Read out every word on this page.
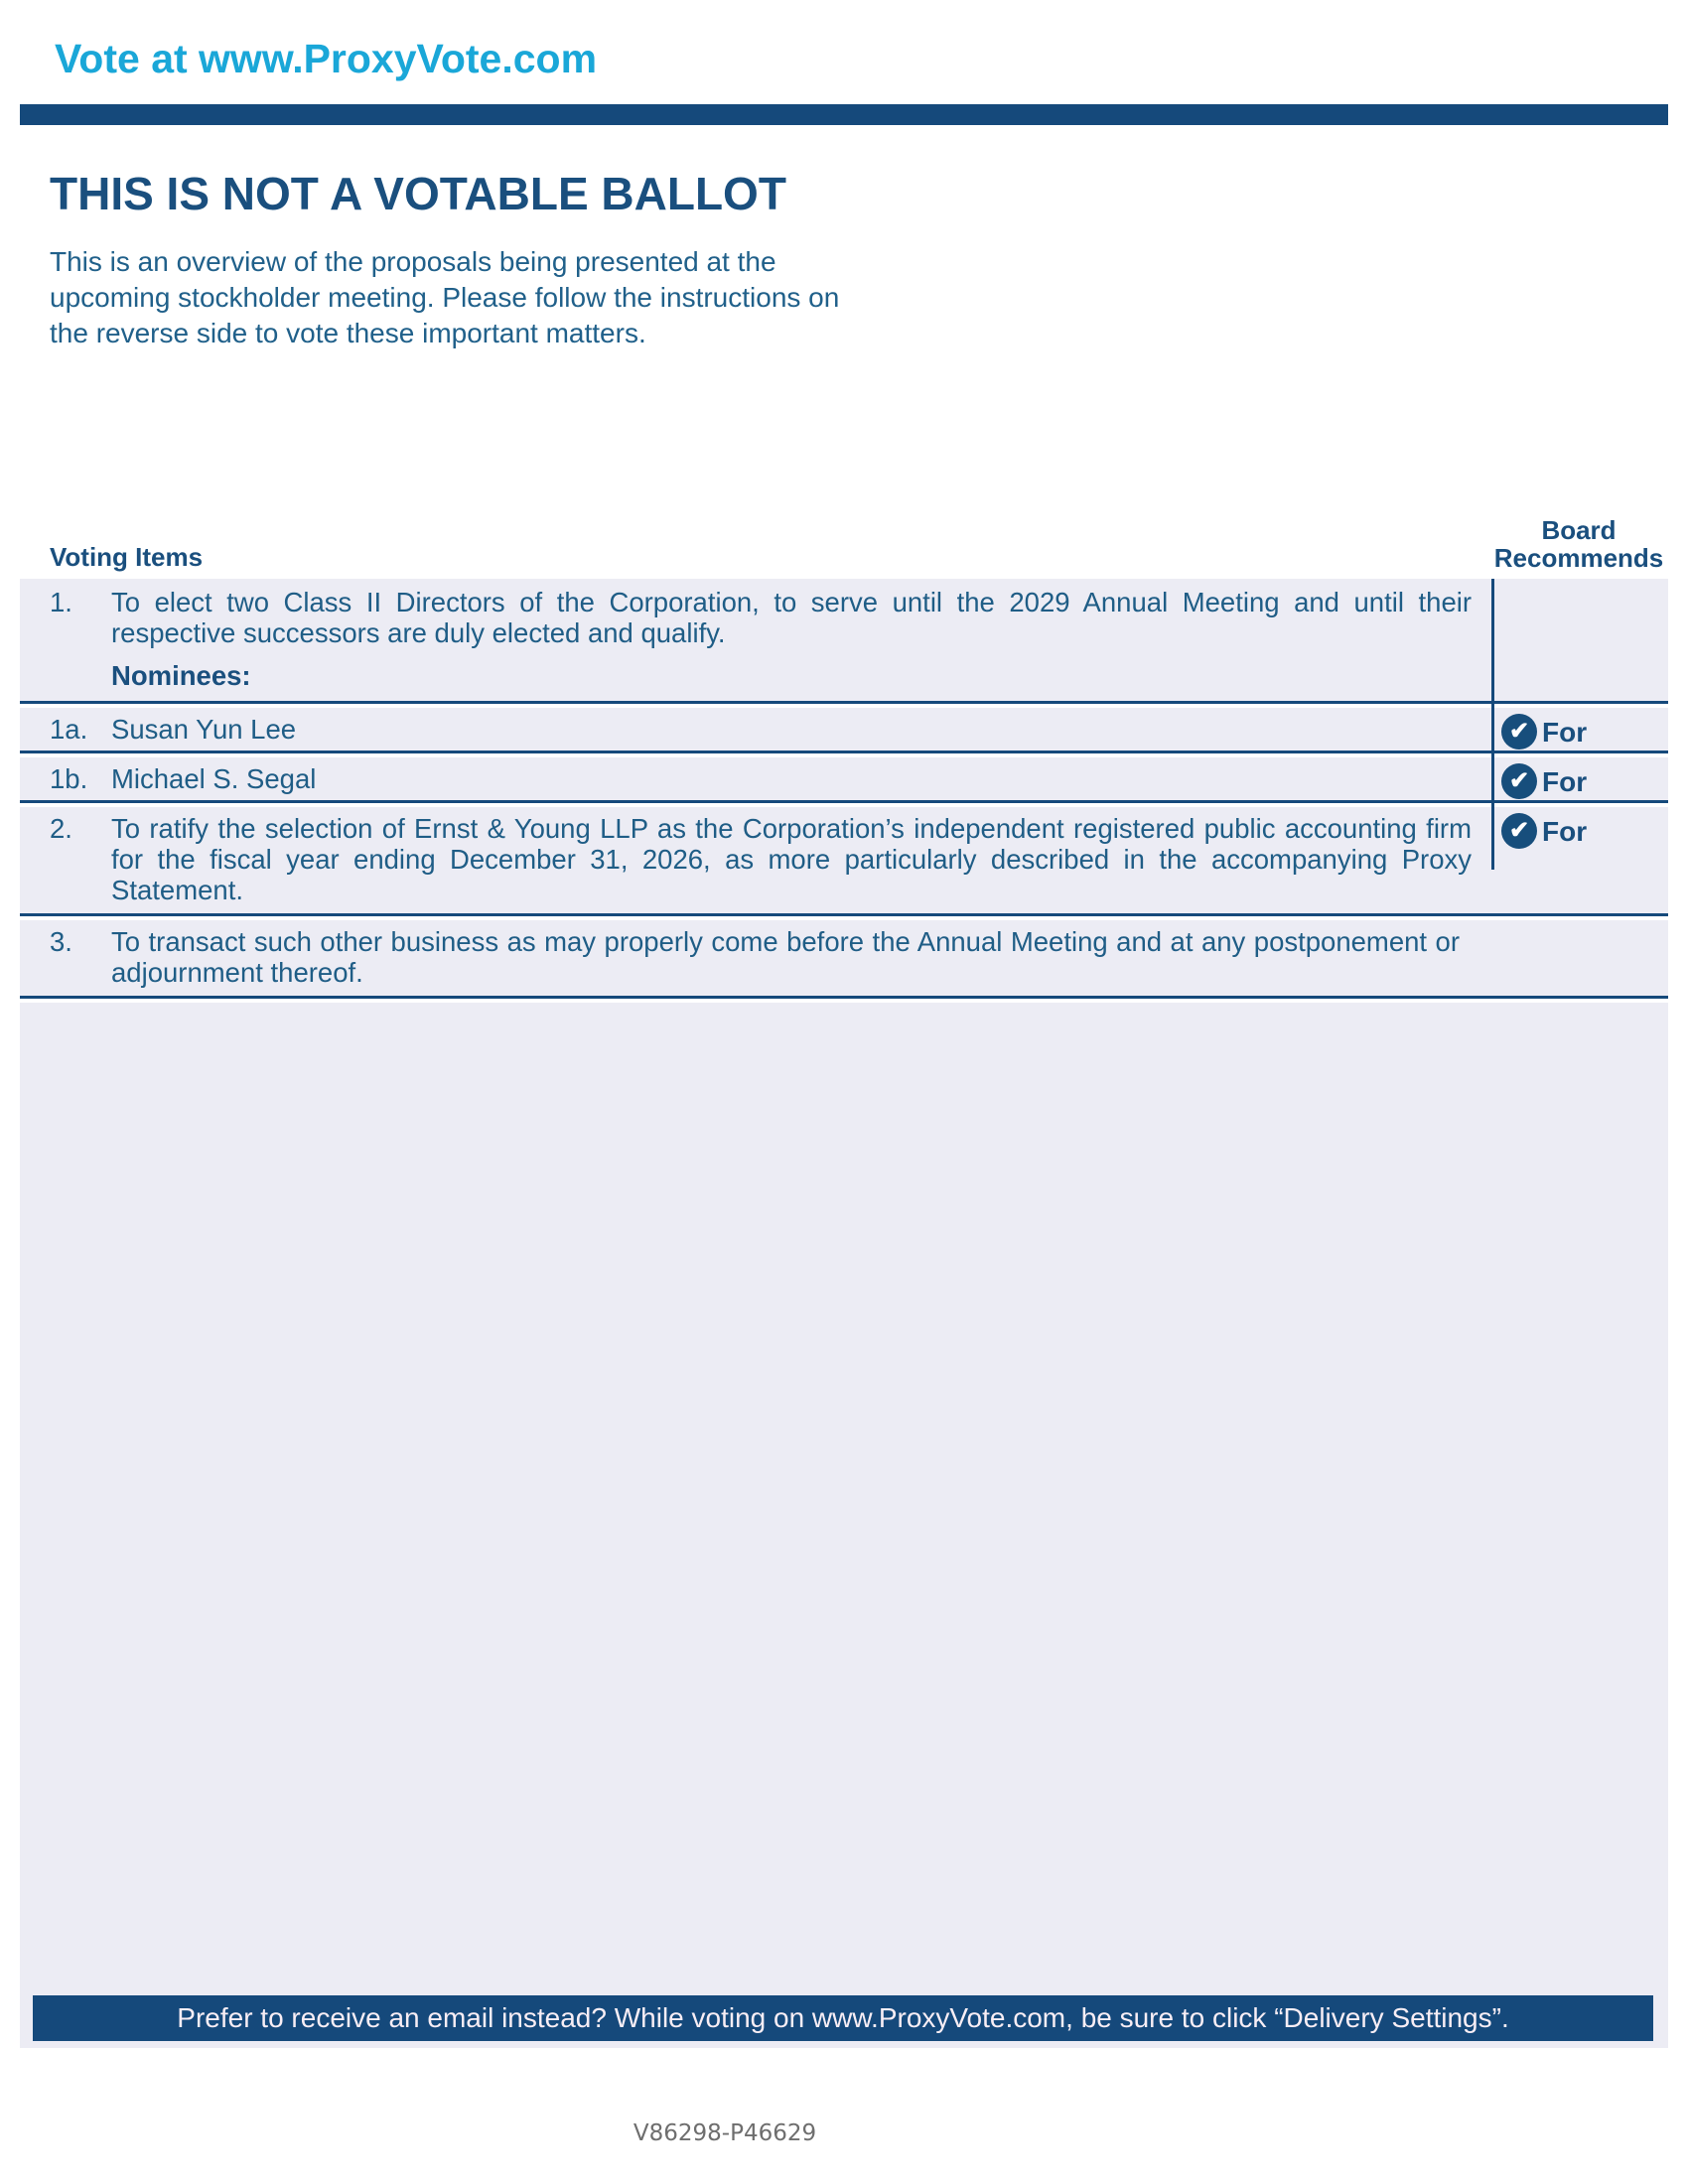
Vote at www.ProxyVote.com
THIS IS NOT A VOTABLE BALLOT
This is an overview of the proposals being presented at the upcoming stockholder meeting. Please follow the instructions on the reverse side to vote these important matters.
Voting Items
Board
Recommends
1. To elect two Class II Directors of the Corporation, to serve until the 2029 Annual Meeting and until their respective successors are duly elected and qualify.
Nominees:
1a. Susan Yun Lee	✔ For
1b. Michael S. Segal	✔ For
2. To ratify the selection of Ernst & Young LLP as the Corporation’s independent registered public accounting firm for the fiscal year ending December 31, 2026, as more particularly described in the accompanying Proxy Statement.
✔ For
3. To transact such other business as may properly come before the Annual Meeting and at any postponement or adjournment thereof.
Prefer to receive an email instead? While voting on www.ProxyVote.com, be sure to click “Delivery Settings”.
V86298-P46629
